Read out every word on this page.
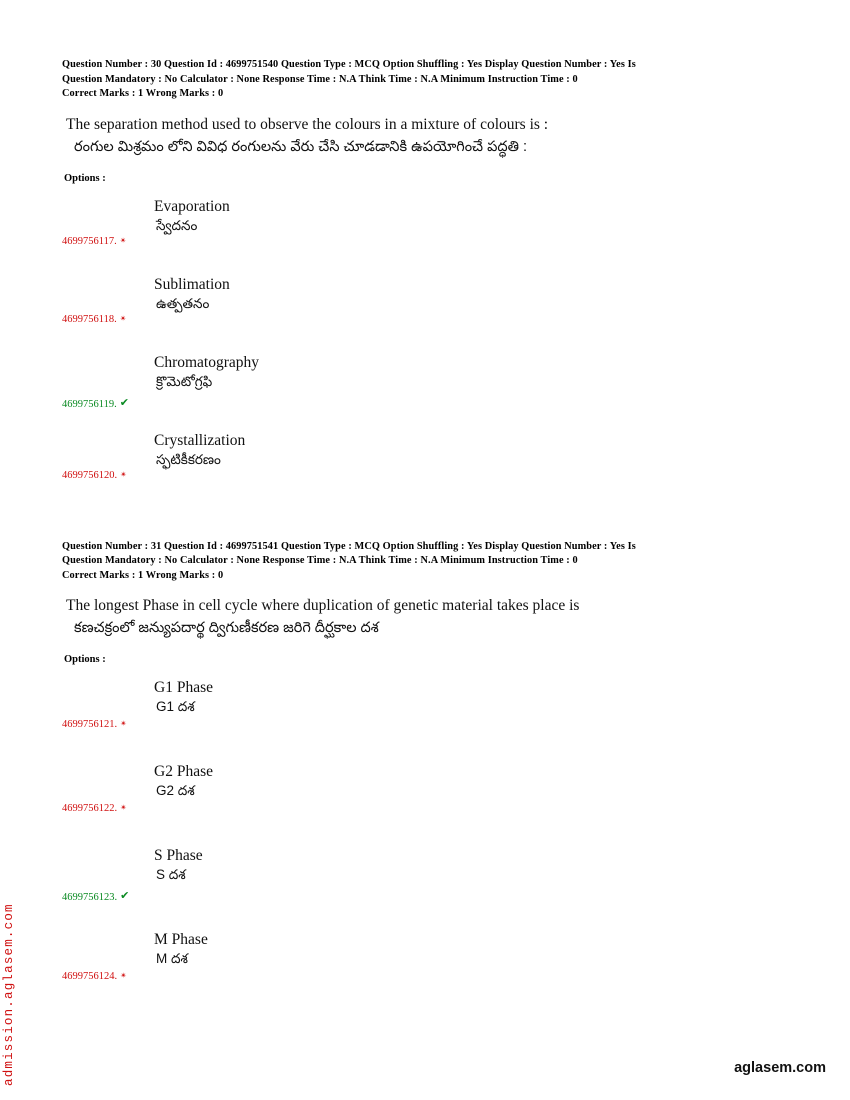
Question Number : 30 Question Id : 4699751540 Question Type : MCQ Option Shuffling : Yes Display Question Number : Yes Is
Question Mandatory : No Calculator : None Response Time : N.A Think Time : N.A Minimum Instruction Time : 0
Correct Marks : 1 Wrong Marks : 0
The separation method used to observe the colours in a mixture of colours is :
రంగుల మిశ్రమం లోని వివిధ రంగులను వేరు చేసి చూడడానికి ఉపయోగించే పద్ధతి :
Options :
Evaporation
స్వేదనం
4699756117. ✴
Sublimation
ఉత్పతనం
4699756118. ✴
Chromatography
క్రొమెటోగ్రఫి
4699756119. ✔
Crystallization
స్ఫటికీకరణం
4699756120. ✴
Question Number : 31 Question Id : 4699751541 Question Type : MCQ Option Shuffling : Yes Display Question Number : Yes Is
Question Mandatory : No Calculator : None Response Time : N.A Think Time : N.A Minimum Instruction Time : 0
Correct Marks : 1 Wrong Marks : 0
The longest Phase in cell cycle where duplication of genetic material takes place is
కణచక్రంలో జన్యుపదార్థ ద్విగుణీకరణ జరిగె దీర్ఘకాల దశ
Options :
G1 Phase
G1 దశ
4699756121. ✴
G2 Phase
G2 దశ
4699756122. ✴
S Phase
S దశ
4699756123. ✔
M Phase
M దశ
4699756124. ✴
admission.aglasem.com	aglasem.com
